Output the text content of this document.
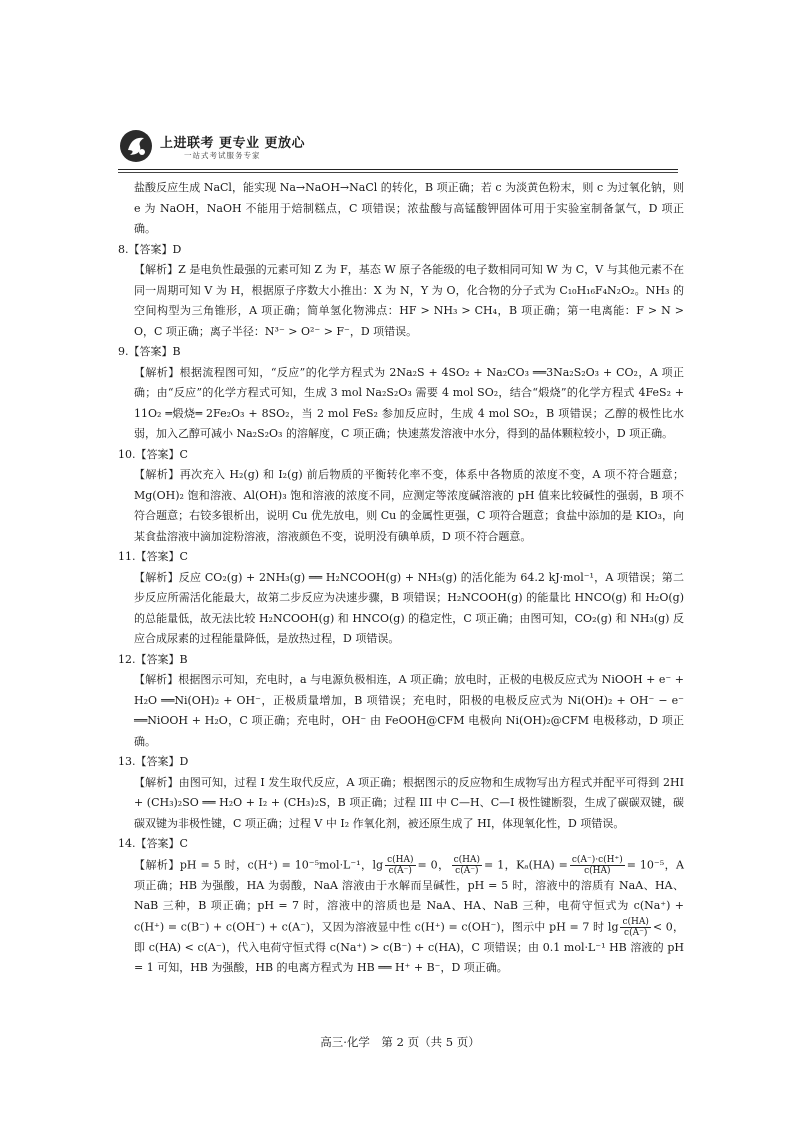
上进联考 更专业 更放心
一站式考试服务专家

盐酸反应生成 NaCl，能实现 Na→NaOH→NaCl 的转化，B 项正确；若 c 为淡黄色粉末，则 c 为过氧化钠，则 e 为 NaOH，NaOH 不能用于焙制糕点，C 项错误；浓盐酸与高锰酸钾固体可用于实验室制备氯气，D 项正确。

8.【答案】D

【解析】Z 是电负性最强的元素可知 Z 为 F，基态 W 原子各能级的电子数相同可知 W 为 C，V 与其他元素不在同一周期可知 V 为 H，根据原子序数大小推出：X 为 N，Y 为 O，化合物的分子式为 C₁₀H₁₆F₄N₂O₂。NH₃ 的空间构型为三角锥形，A 项正确；简单氢化物沸点：HF > NH₃ > CH₄，B 项正确；第一电离能：F > N > O，C 项正确；离子半径：N³⁻ > O²⁻ > F⁻，D 项错误。

9.【答案】B

【解析】根据流程图可知，“反应”的化学方程式为 2Na₂S + 4SO₂ + Na₂CO₃ ══3Na₂S₂O₃ + CO₂，A 项正确；由“反应”的化学方程式可知，生成 3 mol Na₂S₂O₃ 需要 4 mol SO₂，结合“煅烧”的化学方程式 4FeS₂ + 11O₂ ═煅烧═ 2Fe₂O₃ + 8SO₂，当 2 mol FeS₂ 参加反应时，生成 4 mol SO₂，B 项错误；乙醇的极性比水弱，加入乙醇可减小 Na₂S₂O₃ 的溶解度，C 项正确；快速蒸发溶液中水分，得到的晶体颗粒较小，D 项正确。

10.【答案】C

【解析】再次充入 H₂(g) 和 I₂(g) 前后物质的平衡转化率不变，体系中各物质的浓度不变，A 项不符合题意；Mg(OH)₂ 饱和溶液、Al(OH)₃ 饱和溶液的浓度不同，应测定等浓度碱溶液的 pH 值来比较碱性的强弱，B 项不符合题意；右铰多银析出，说明 Cu 优先放电，则 Cu 的金属性更强，C 项符合题意；食盐中添加的是 KIO₃，向某食盐溶液中滴加淀粉溶液，溶液颜色不变，说明没有碘单质，D 项不符合题意。

11.【答案】C

【解析】反应 CO₂(g) + 2NH₃(g) ══ H₂NCOOH(g) + NH₃(g) 的活化能为 64.2 kJ·mol⁻¹，A 项错误；第二步反应所需活化能最大，故第二步反应为决速步骤，B 项错误；H₂NCOOH(g) 的能量比 HNCO(g) 和 H₂O(g) 的总能量低，故无法比较 H₂NCOOH(g) 和 HNCO(g) 的稳定性，C 项正确；由图可知，CO₂(g) 和 NH₃(g) 反应合成尿素的过程能量降低，是放热过程，D 项错误。

12.【答案】B

【解析】根据图示可知，充电时，a 与电源负极相连，A 项正确；放电时，正极的电极反应式为 NiOOH + e⁻ + H₂O ══Ni(OH)₂ + OH⁻，正极质量增加，B 项错误；充电时，阳极的电极反应式为 Ni(OH)₂ + OH⁻ − e⁻ ══NiOOH + H₂O，C 项正确；充电时，OH⁻ 由 FeOOH@CFM 电极向 Ni(OH)₂@CFM 电极移动，D 项正确。

13.【答案】D

【解析】由图可知，过程 I 发生取代反应，A 项正确；根据图示的反应物和生成物写出方程式并配平可得到 2HI + (CH₃)₂SO ══ H₂O + I₂ + (CH₃)₂S，B 项正确；过程 III 中 C—H、C—I 极性键断裂，生成了碳碳双键，碳碳双键为非极性键，C 项正确；过程 V 中 I₂ 作氧化剂，被还原生成了 HI，体现氧化性，D 项错误。

14.【答案】C

【解析】pH = 5 时，c(H⁺) = 10⁻⁵mol·L⁻¹，$\lg \frac{c(HA)}{c(A^-)} = 0$， $\frac{c(HA)}{c(A^-)} = 1$，$K_a(HA) = \frac{c(A^-)\cdot c(H^+)}{c(HA)} = 10^{-5}$，A 项正确；HB 为强酸，HA 为弱酸，NaA 溶液由于水解而呈碱性，pH = 5 时，溶液中的溶质有 NaA、HA、NaB 三种，B 项正确；pH = 7 时，溶液中的溶质也是 NaA、HA、NaB 三种，电荷守恒式为 c(Na⁺) + c(H⁺) = c(B⁻) + c(OH⁻) + c(A⁻)，又因为溶液显中性 c(H⁺) = c(OH⁻)，图示中 pH = 7 时 $\lg \frac{c(HA)}{c(A^-)} < 0$，即 c(HA) < c(A⁻)，代入电荷守恒式得 c(Na⁺) > c(B⁻) + c(HA)，C 项错误；由 0.1 mol·L⁻¹ HB 溶液的 pH = 1 可知，HB 为强酸，HB 的电离方程式为 HB ══ H⁺ + B⁻，D 项正确。

高三·化学　第 2 页（共 5 页）
